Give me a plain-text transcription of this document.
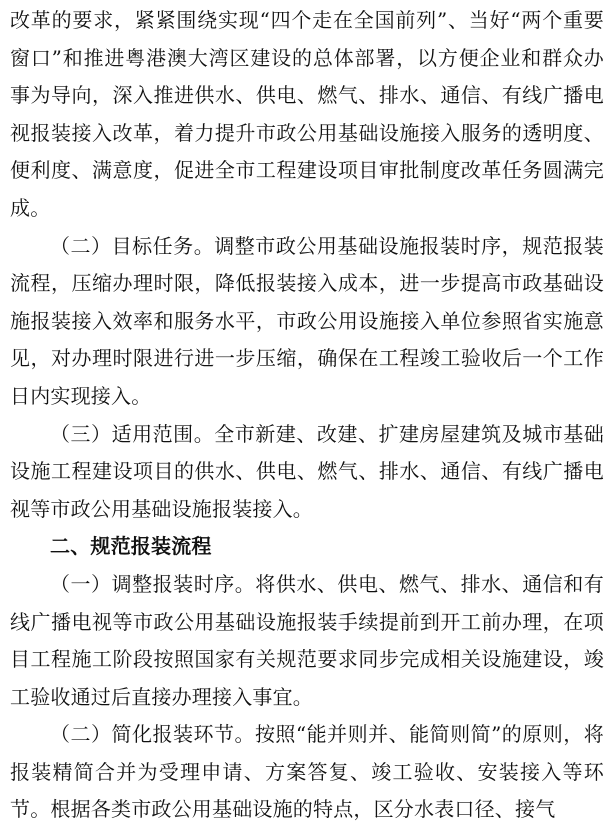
改革的要求，紧紧围绕实现“四个走在全国前列”、当好“两个重要窗口”和推进粤港澳大湾区建设的总体部署，以方便企业和群众办事为导向，深入推进供水、供电、燃气、排水、通信、有线广播电视报装接入改革，着力提升市政公用基础设施接入服务的透明度、便利度、满意度，促进全市工程建设项目审批制度改革任务圆满完成。

（二）目标任务。调整市政公用基础设施报装时序，规范报装流程，压缩办理时限，降低报装接入成本，进一步提高市政基础设施报装接入效率和服务水平，市政公用设施接入单位参照省实施意见，对办理时限进行进一步压缩，确保在工程竣工验收后一个工作日内实现接入。

（三）适用范围。全市新建、改建、扩建房屋建筑及城市基础设施工程建设项目的供水、供电、燃气、排水、通信、有线广播电视等市政公用基础设施报装接入。

二、规范报装流程

（一）调整报装时序。将供水、供电、燃气、排水、通信和有线广播电视等市政公用基础设施报装手续提前到开工前办理，在项目工程施工阶段按照国家有关规范要求同步完成相关设施建设，竣工验收通过后直接办理接入事宜。

（二）简化报装环节。按照“能并则并、能简则简”的原则，将报装精简合并为受理申请、方案答复、竣工验收、安装接入等环节。根据各类市政公用基础设施的特点，区分水表口径、接气
